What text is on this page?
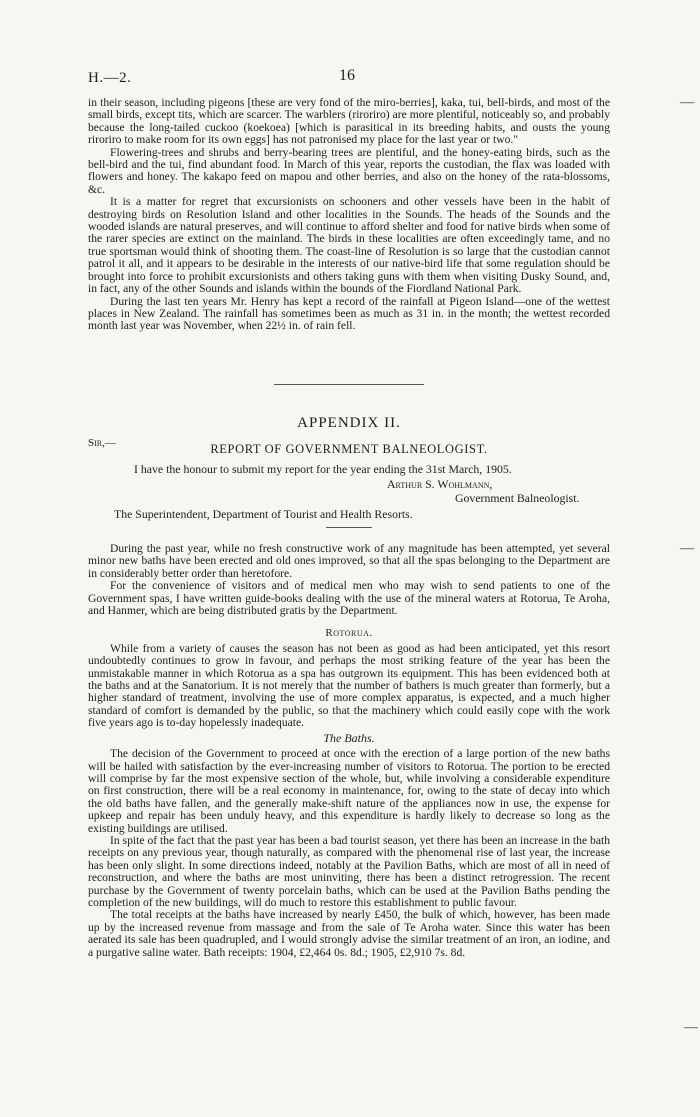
H.—2.	16

in their season, including pigeons [these are very fond of the miro-berries], kaka, tui, bell-birds, and most of the small birds, except tits, which are scarcer. The warblers (riroriro) are more plentiful, noticeably so, and probably because the long-tailed cuckoo (koekoea) [which is parasitical in its breeding habits, and ousts the young riroriro to make room for its own eggs] has not patronised my place for the last year or two."

Flowering-trees and shrubs and berry-bearing trees are plentiful, and the honey-eating birds, such as the bell-bird and the tui, find abundant food. In March of this year, reports the custodian, the flax was loaded with flowers and honey. The kakapo feed on mapou and other berries, and also on the honey of the rata-blossoms, &c.

It is a matter for regret that excursionists on schooners and other vessels have been in the habit of destroying birds on Resolution Island and other localities in the Sounds. The heads of the Sounds and the wooded islands are natural preserves, and will continue to afford shelter and food for native birds when some of the rarer species are extinct on the mainland. The birds in these localities are often exceedingly tame, and no true sportsman would think of shooting them. The coast-line of Resolution is so large that the custodian cannot patrol it all, and it appears to be desirable in the interests of our native-bird life that some regulation should be brought into force to prohibit excursionists and others taking guns with them when visiting Dusky Sound, and, in fact, any of the other Sounds and islands within the bounds of the Fiordland National Park.

During the last ten years Mr. Henry has kept a record of the rainfall at Pigeon Island—one of the wettest places in New Zealand. The rainfall has sometimes been as much as 31 in. in the month; the wettest recorded month last year was November, when 22½ in. of rain fell.

APPENDIX II.
Sir,—	REPORT OF GOVERNMENT BALNEOLOGIST.
I have the honour to submit my report for the year ending the 31st March, 1905.
Arthur S. Wohlmann,
Government Balneologist.
The Superintendent, Department of Tourist and Health Resorts.

During the past year, while no fresh constructive work of any magnitude has been attempted, yet several minor new baths have been erected and old ones improved, so that all the spas belonging to the Department are in considerably better order than heretofore.

For the convenience of visitors and of medical men who may wish to send patients to one of the Government spas, I have written guide-books dealing with the use of the mineral waters at Rotorua, Te Aroha, and Hanmer, which are being distributed gratis by the Department.

Rotorua.

While from a variety of causes the season has not been as good as had been anticipated, yet this resort undoubtedly continues to grow in favour, and perhaps the most striking feature of the year has been the unmistakable manner in which Rotorua as a spa has outgrown its equipment. This has been evidenced both at the baths and at the Sanatorium. It is not merely that the number of bathers is much greater than formerly, but a higher standard of treatment, involving the use of more complex apparatus, is expected, and a much higher standard of comfort is demanded by the public, so that the machinery which could easily cope with the work five years ago is to-day hopelessly inadequate.

The Baths.

The decision of the Government to proceed at once with the erection of a large portion of the new baths will be hailed with satisfaction by the ever-increasing number of visitors to Rotorua. The portion to be erected will comprise by far the most expensive section of the whole, but, while involving a considerable expenditure on first construction, there will be a real economy in maintenance, for, owing to the state of decay into which the old baths have fallen, and the generally make-shift nature of the appliances now in use, the expense for upkeep and repair has been unduly heavy, and this expenditure is hardly likely to decrease so long as the existing buildings are utilised.

In spite of the fact that the past year has been a bad tourist season, yet there has been an increase in the bath receipts on any previous year, though naturally, as compared with the phenomenal rise of last year, the increase has been only slight. In some directions indeed, notably at the Pavilion Baths, which are most of all in need of reconstruction, and where the baths are most uninviting, there has been a distinct retrogression. The recent purchase by the Government of twenty porcelain baths, which can be used at the Pavilion Baths pending the completion of the new buildings, will do much to restore this establishment to public favour.

The total receipts at the baths have increased by nearly £450, the bulk of which, however, has been made up by the increased revenue from massage and from the sale of Te Aroha water. Since this water has been aerated its sale has been quadrupled, and I would strongly advise the similar treatment of an iron, an iodine, and a purgative saline water. Bath receipts: 1904, £2,464 0s. 8d.; 1905, £2,910 7s. 8d.

—
—
—
